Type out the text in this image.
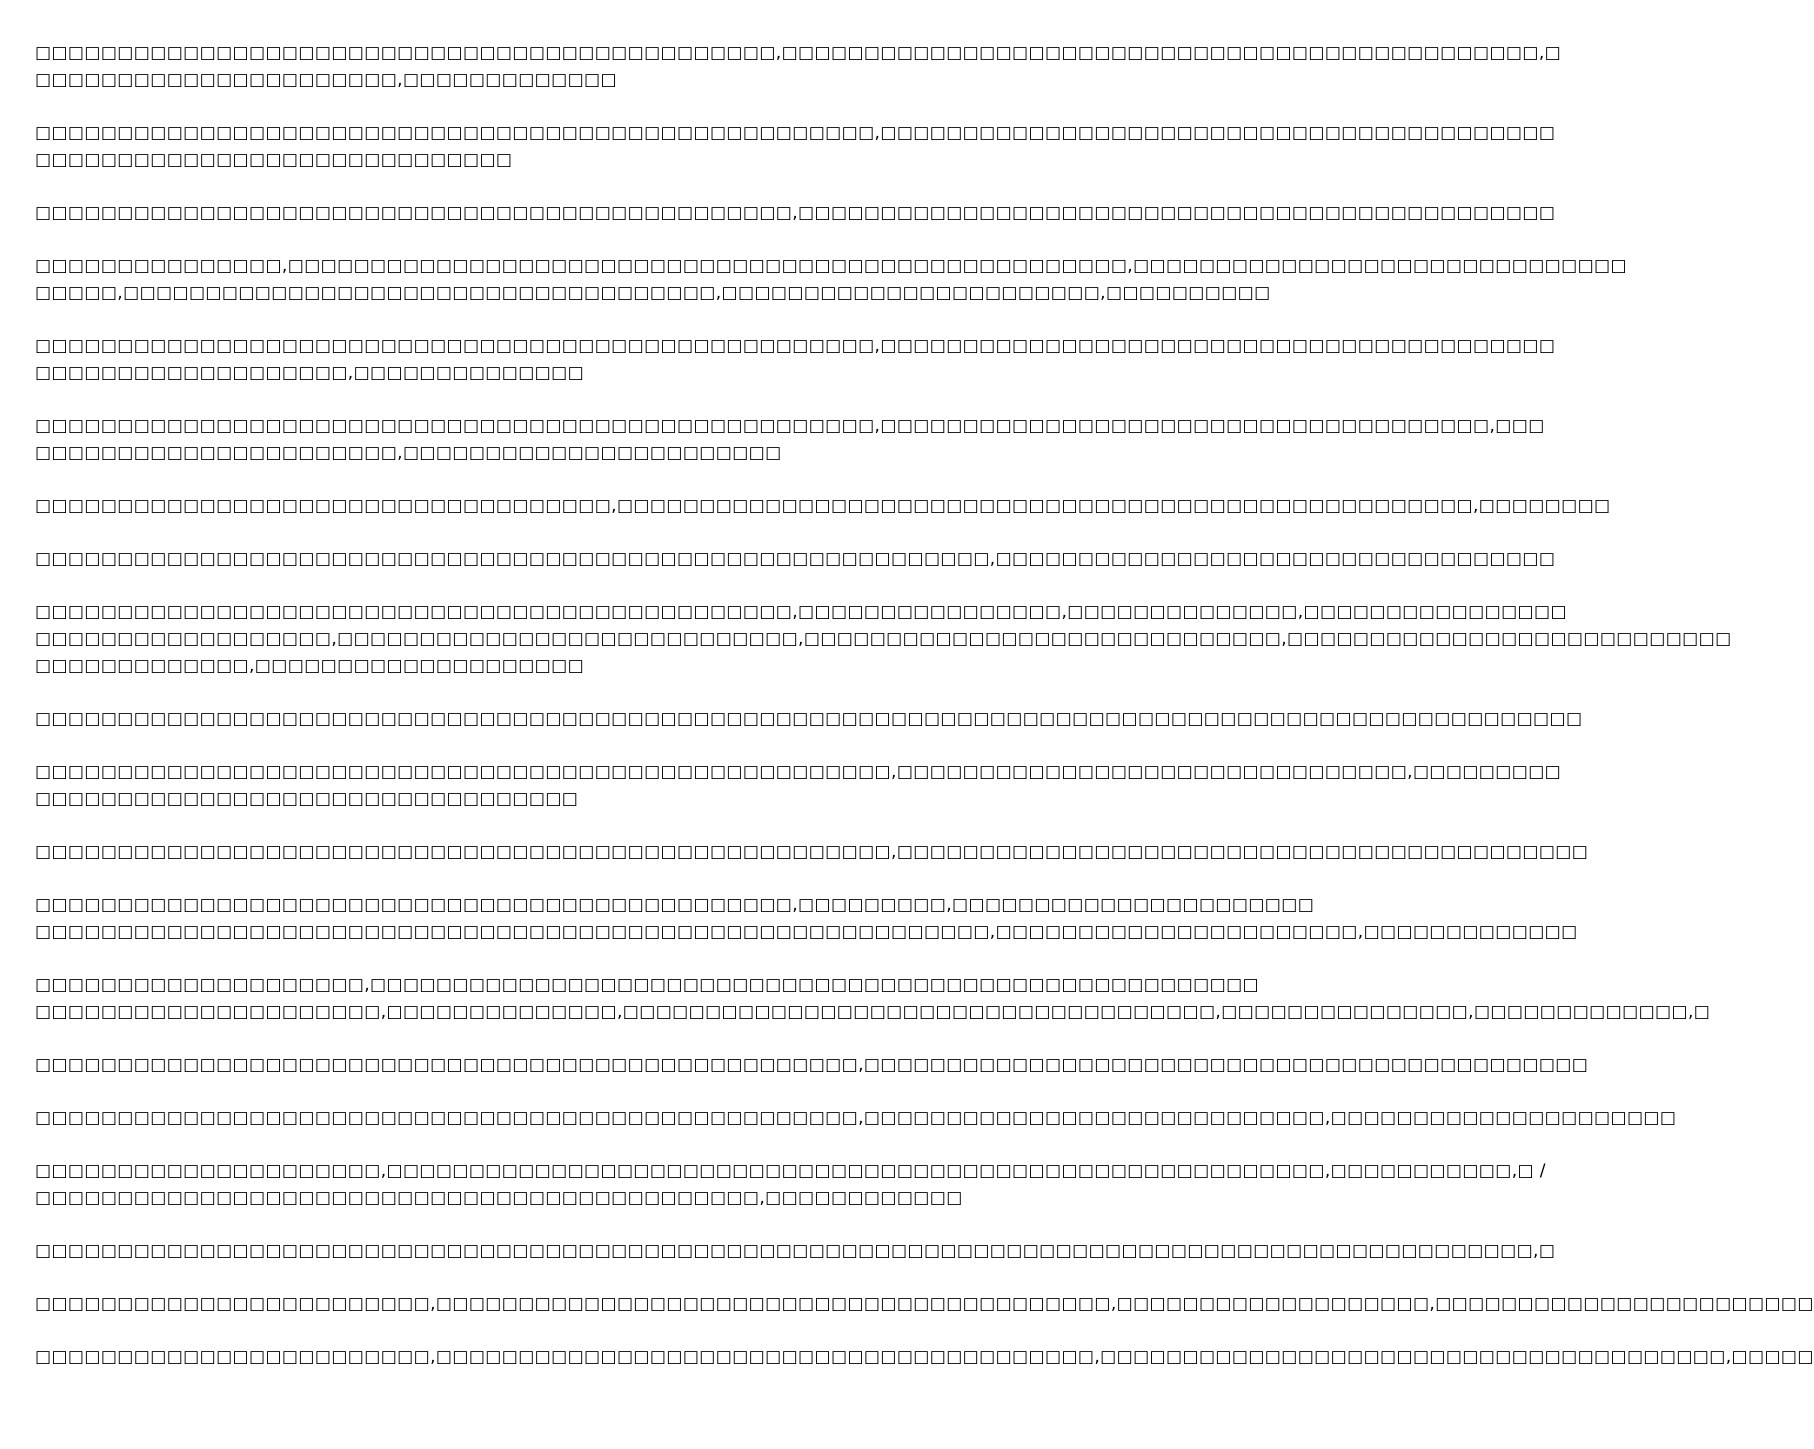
□□□□□□□□□□□□□□□□□□□□□□□□□□□□□□□□□□□□□□□□□□□□□,□□□□□□□□□□□□□□□□□□□□□□□□□□□□□□□□□□□□□□□□□□□□□□,□
□□□□□□□□□□□□□□□□□□□□□□,□□□□□□□□□□□□□
□□□□□□□□□□□□□□□□□□□□□□□□□□□□□□□□□□□□□□□□□□□□□□□□□□□,□□□□□□□□□□□□□□□□□□□□□□□□□□□□□□□□□□□□□□□□□
□□□□□□□□□□□□□□□□□□□□□□□□□□□□□
□□□□□□□□□□□□□□□□□□□□□□□□□□□□□□□□□□□□□□□□□□□□□□,□□□□□□□□□□□□□□□□□□□□□□□□□□□□□□□□□□□□□□□□□□□□□□
□□□□□□□□□□□□□□□,□□□□□□□□□□□□□□□□□□□□□□□□□□□□□□□□□□□□□□□□□□□□□□□□□□□,□□□□□□□□□□□□□□□□□□□□□□□□□□□□□□
□□□□□,□□□□□□□□□□□□□□□□□□□□□□□□□□□□□□□□□□□□,□□□□□□□□□□□□□□□□□□□□□□□,□□□□□□□□□□
□□□□□□□□□□□□□□□□□□□□□□□□□□□□□□□□□□□□□□□□□□□□□□□□□□□,□□□□□□□□□□□□□□□□□□□□□□□□□□□□□□□□□□□□□□□□□
□□□□□□□□□□□□□□□□□□□,□□□□□□□□□□□□□□
□□□□□□□□□□□□□□□□□□□□□□□□□□□□□□□□□□□□□□□□□□□□□□□□□□□,□□□□□□□□□□□□□□□□□□□□□□□□□□□□□□□□□□□□□,□□□
□□□□□□□□□□□□□□□□□□□□□□,□□□□□□□□□□□□□□□□□□□□□□□
□□□□□□□□□□□□□□□□□□□□□□□□□□□□□□□□□□□,□□□□□□□□□□□□□□□□□□□□□□□□□□□□□□□□□□□□□□□□□□□□□□□□□□□□,□□□□□□□□
□□□□□□□□□□□□□□□□□□□□□□□□□□□□□□□□□□□□□□□□□□□□□□□□□□□□□□□□□□,□□□□□□□□□□□□□□□□□□□□□□□□□□□□□□□□□□
□□□□□□□□□□□□□□□□□□□□□□□□□□□□□□□□□□□□□□□□□□□□□□,□□□□□□□□□□□□□□□□,□□□□□□□□□□□□□□,□□□□□□□□□□□□□□□□
□□□□□□□□□□□□□□□□□□,□□□□□□□□□□□□□□□□□□□□□□□□□□□□,□□□□□□□□□□□□□□□□□□□□□□□□□□□□□,□□□□□□□□□□□□□□□□□□□□□□□□□□□
□□□□□□□□□□□□□,□□□□□□□□□□□□□□□□□□□□
□□□□□□□□□□□□□□□□□□□□□□□□□□□□□□□□□□□□□□□□□□□□□□□□□□□□□□□□□□□□□□□□□□□□□□□□□□□□□□□□□□□□□□□□□□□□□□
□□□□□□□□□□□□□□□□□□□□□□□□□□□□□□□□□□□□□□□□□□□□□□□□□□□□,□□□□□□□□□□□□□□□□□□□□□□□□□□□□□□□,□□□□□□□□□
□□□□□□□□□□□□□□□□□□□□□□□□□□□□□□□□□
□□□□□□□□□□□□□□□□□□□□□□□□□□□□□□□□□□□□□□□□□□□□□□□□□□□□,□□□□□□□□□□□□□□□□□□□□□□□□□□□□□□□□□□□□□□□□□□
□□□□□□□□□□□□□□□□□□□□□□□□□□□□□□□□□□□□□□□□□□□□□□,□□□□□□□□□,□□□□□□□□□□□□□□□□□□□□□□
□□□□□□□□□□□□□□□□□□□□□□□□□□□□□□□□□□□□□□□□□□□□□□□□□□□□□□□□□□,□□□□□□□□□□□□□□□□□□□□□□,□□□□□□□□□□□□□
□□□□□□□□□□□□□□□□□□□□,□□□□□□□□□□□□□□□□□□□□□□□□□□□□□□□□□□□□□□□□□□□□□□□□□□□□□□
□□□□□□□□□□□□□□□□□□□□□,□□□□□□□□□□□□□□,□□□□□□□□□□□□□□□□□□□□□□□□□□□□□□□□□□□□,□□□□□□□□□□□□□□□,□□□□□□□□□□□□□,□
□□□□□□□□□□□□□□□□□□□□□□□□□□□□□□□□□□□□□□□□□□□□□□□□□□,□□□□□□□□□□□□□□□□□□□□□□□□□□□□□□□□□□□□□□□□□□□□
□□□□□□□□□□□□□□□□□□□□□□□□□□□□□□□□□□□□□□□□□□□□□□□□□□,□□□□□□□□□□□□□□□□□□□□□□□□□□□□,□□□□□□□□□□□□□□□□□□□□□
□□□□□□□□□□□□□□□□□□□□□,□□□□□□□□□□□□□□□□□□□□□□□□□□□□□□□□□□□□□□□□□□□□□□□□□□□□□□□□□,□□□□□□□□□□□,□ /
□□□□□□□□□□□□□□□□□□□□□□□□□□□□□□□□□□□□□□□□□□□□,□□□□□□□□□□□□
□□□□□□□□□□□□□□□□□□□□□□□□□□□□□□□□□□□□□□□□□□□□□□□□□□□□□□□□□□□□□□□□□□□□□□□□□□□□□□□□□□□□□□□□□□□,□
□□□□□□□□□□□□□□□□□□□□□□□□,□□□□□□□□□□□□□□□□□□□□□□□□□□□□□□□□□□□□□□□□□,□□□□□□□□□□□□□□□□□□□,□□□□□□□□□□□□□□□□□□□□□□□
□□□□□□□□□□□□□□□□□□□□□□□□,□□□□□□□□□□□□□□□□□□□□□□□□□□□□□□□□□□□□□□□□,□□□□□□□□□□□□□□□□□□□□□□□□□□□□□□□□□□□□□□,□□□□□
